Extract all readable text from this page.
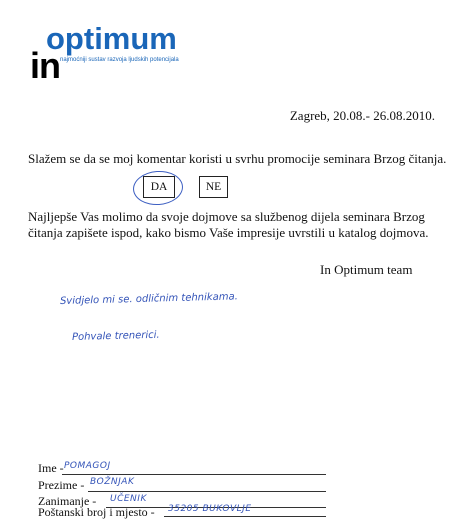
optimum
in najmoćniji sustav razvoja ljudskih potencijala
Zagreb, 20.08.- 26.08.2010.
Slažem se da se moj komentar koristi u svrhu promocije seminara Brzog čitanja.
DA	NE
Najljepše Vas molimo da svoje dojmove sa službenog dijela seminara Brzog čitanja zapišete ispod, kako bismo Vaše impresije uvrstili u katalog dojmova.
In Optimum team
Svidjelo mi se. odličnim tehnikama.
Pohvale trenerici.
Ime - POMAGOJ
Prezime - BOŽNJAK
Zanimanje - UČENIK
Poštanski broj i mjesto - 35205 BUKOVLJE
